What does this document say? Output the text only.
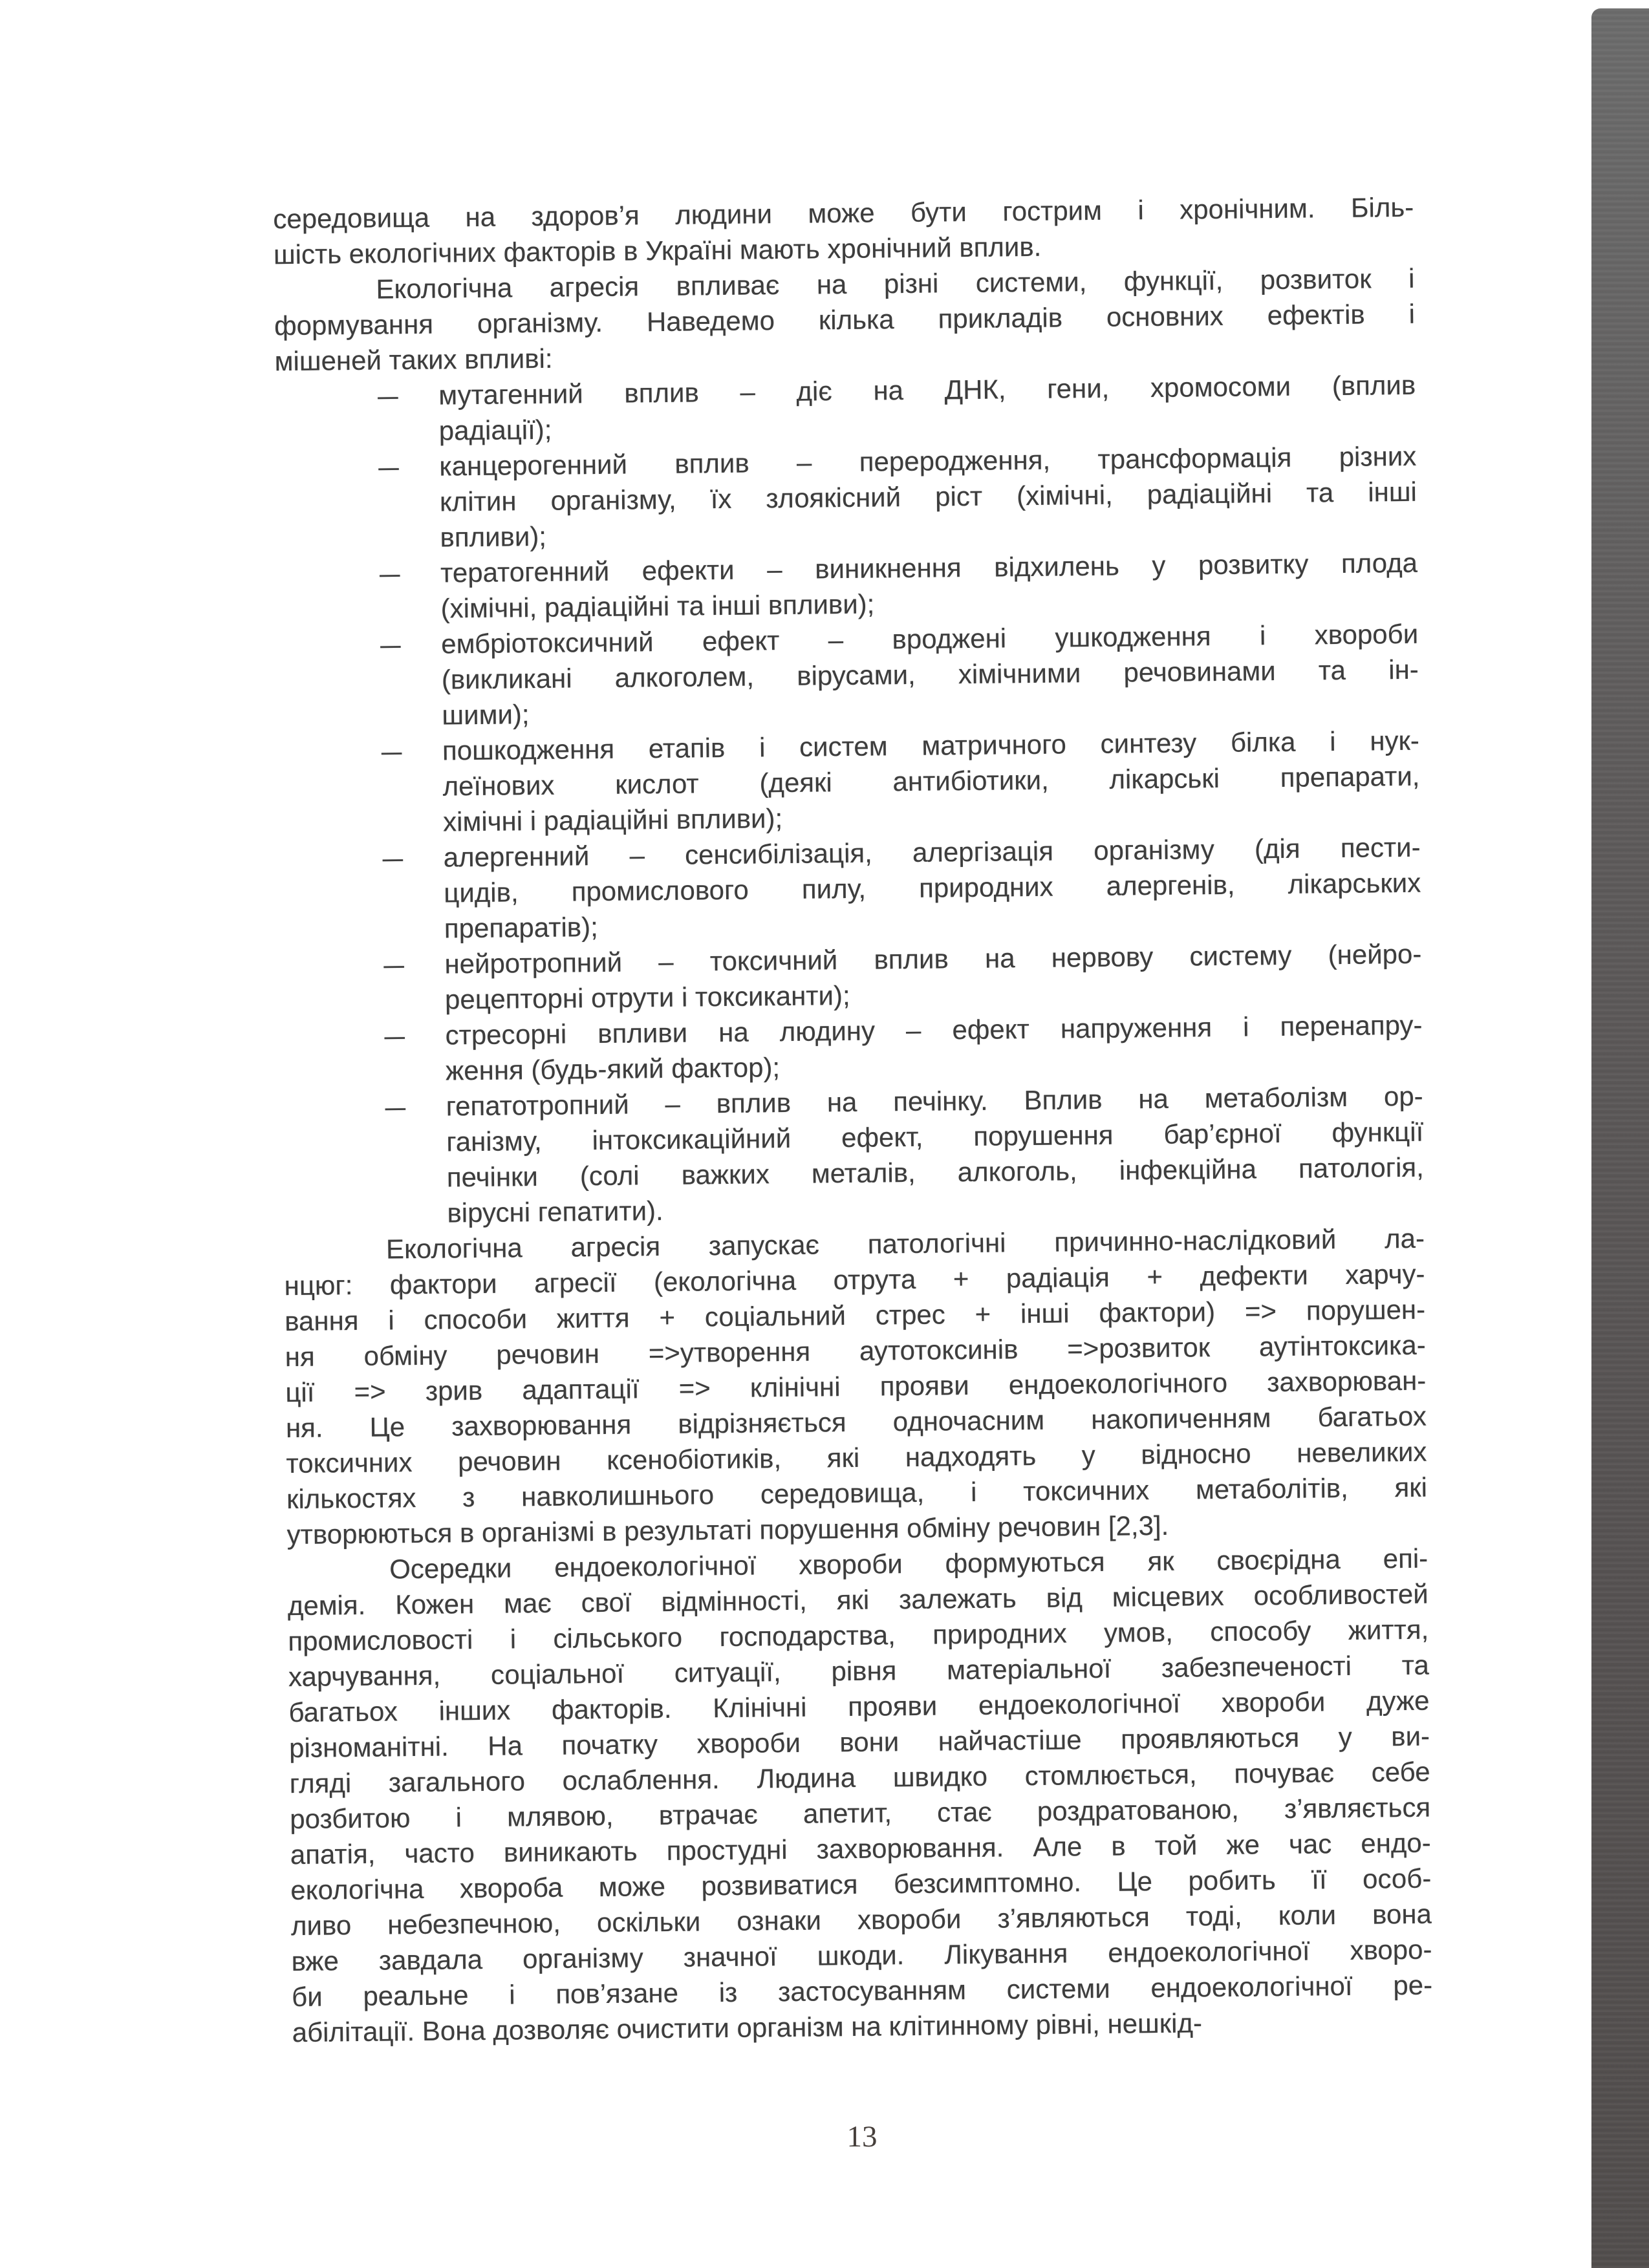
середовища на здоров’я людини може бути гострим і хронічним. Біль-
шість екологічних факторів в Україні мають хронічний вплив.
Екологічна агресія впливає на різні системи, функції, розвиток і
формування організму. Наведемо кілька прикладів основних ефектів і
мішеней таких впливі:
– мутагенний вплив – діє на ДНК, гени, хромосоми (вплив
радіації);
– канцерогенний вплив – переродження, трансформація різних
клітин організму, їх злоякісний ріст (хімічні, радіаційні та інші
впливи);
– тератогенний ефекти – виникнення відхилень у розвитку плода
(хімічні, радіаційні та інші впливи);
– ембріотоксичний ефект – вроджені ушкодження і хвороби
(викликані алкоголем, вірусами, хімічними речовинами та ін-
шими);
– пошкодження етапів і систем матричного синтезу білка і нук-
леїнових кислот (деякі антибіотики, лікарські препарати,
хімічні і радіаційні впливи);
– алергенний – сенсибілізація, алергізація організму (дія пести-
цидів, промислового пилу, природних алергенів, лікарських
препаратів);
– нейротропний – токсичний вплив на нервову систему (нейро-
рецепторні отрути і токсиканти);
– стресорні впливи на людину – ефект напруження і перенапру-
ження (будь-який фактор);
– гепатотропний – вплив на печінку. Вплив на метаболізм ор-
ганізму, інтоксикаційний ефект, порушення бар’єрної функції
печінки (солі важких металів, алкоголь, інфекційна патологія,
вірусні гепатити).
Екологічна агресія запускає патологічні причинно-наслідковий ла-
нцюг: фактори агресії (екологічна отрута + радіація + дефекти харчу-
вання і способи життя + соціальний стрес + інші фактори) => порушен-
ня обміну речовин =>утворення аутотоксинів =>розвиток аутінтоксика-
ції => зрив адаптації => клінічні прояви ендоекологічного захворюван-
ня. Це захворювання відрізняється одночасним накопиченням багатьох
токсичних речовин ксенобіотиків, які надходять у відносно невеликих
кількостях з навколишнього середовища, і токсичних метаболітів, які
утворюються в організмі в результаті порушення обміну речовин [2,3].
Осередки ендоекологічної хвороби формуються як своєрідна епі-
демія. Кожен має свої відмінності, які залежать від місцевих особливостей
промисловості і сільського господарства, природних умов, способу життя,
харчування, соціальної ситуації, рівня матеріальної забезпеченості та
багатьох інших факторів. Клінічні прояви ендоекологічної хвороби дуже
різноманітні. На початку хвороби вони найчастіше проявляються у ви-
гляді загального ослаблення. Людина швидко стомлюється, почуває себе
розбитою і млявою, втрачає апетит, стає роздратованою, з’являється
апатія, часто виникають простудні захворювання. Але в той же час ендо-
екологічна хвороба може розвиватися безсимптомно. Це робить її особ-
ливо небезпечною, оскільки ознаки хвороби з’являються тоді, коли вона
вже завдала організму значної шкоди. Лікування ендоекологічної хворо-
би реальне і пов’язане із застосуванням системи ендоекологічної ре-
абілітації. Вона дозволяє очистити організм на клітинному рівні, нешкід-
13
